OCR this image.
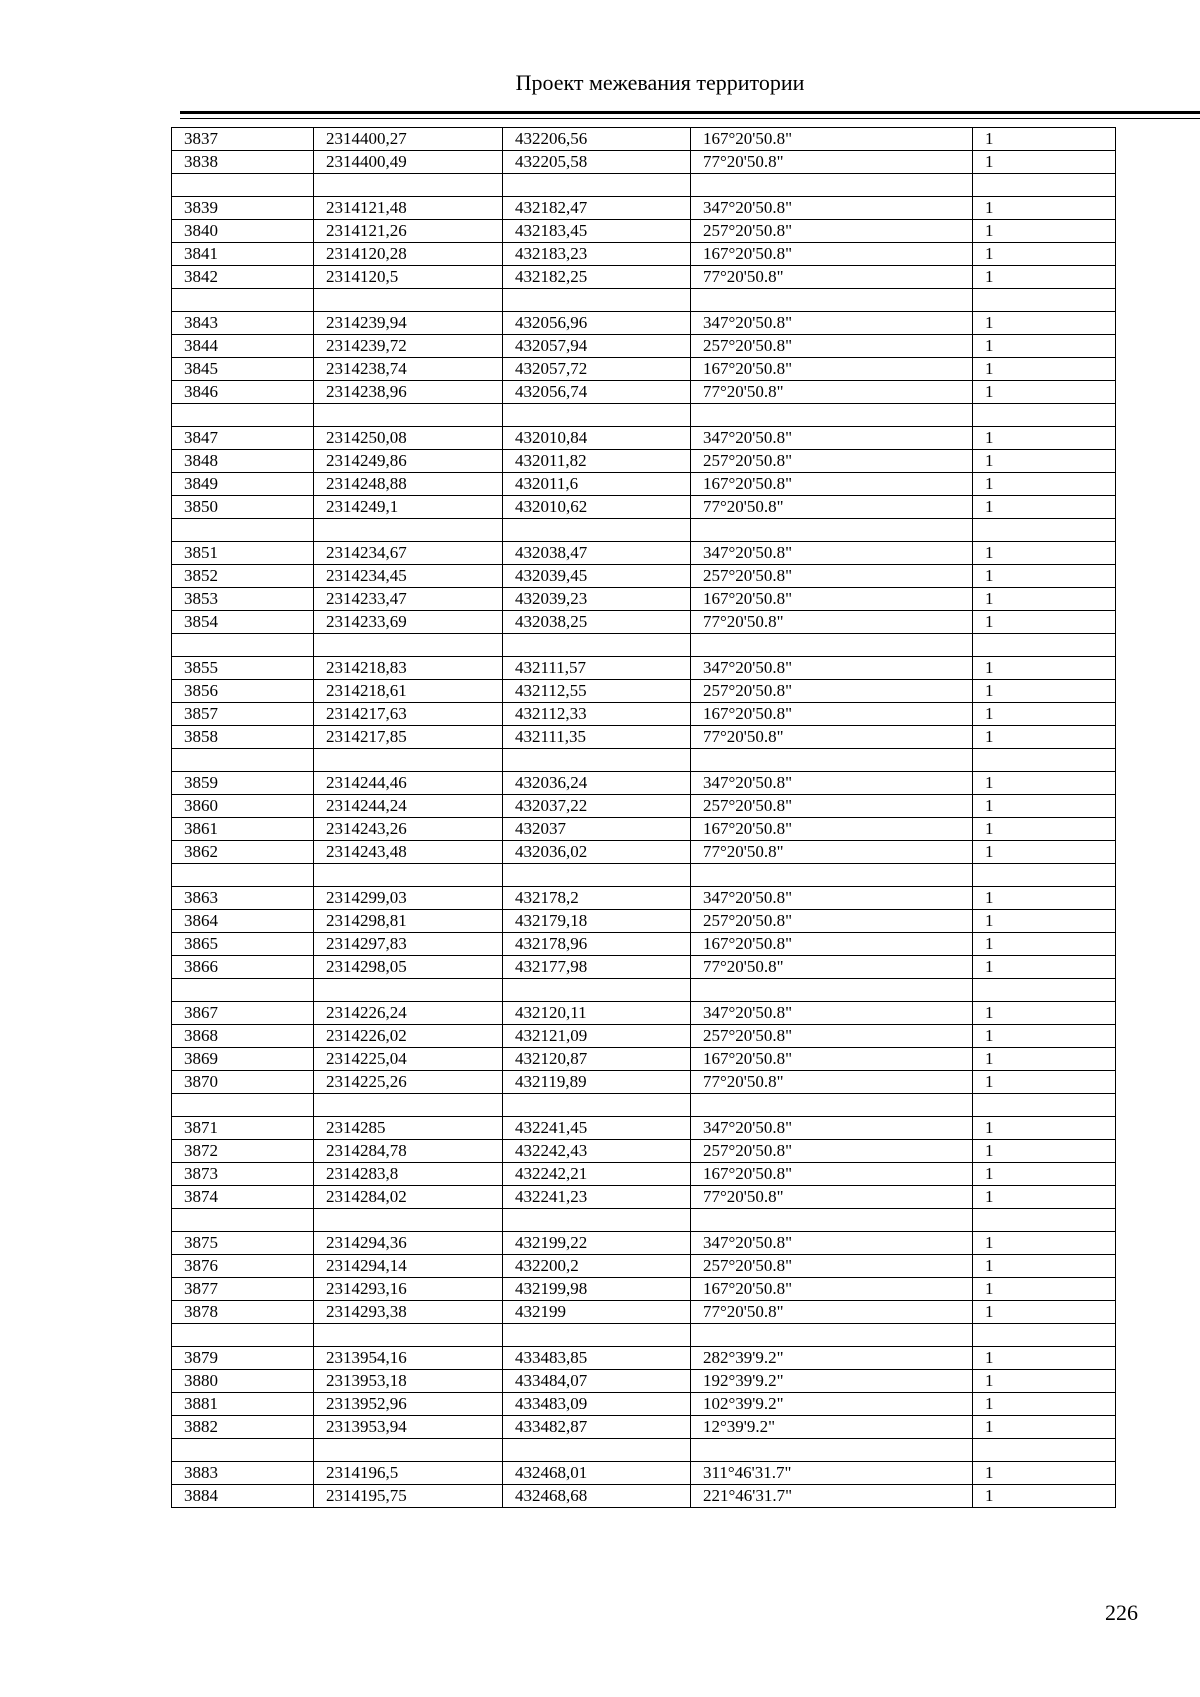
Проект межевания территории
3837	2314400,27	432206,56	167°20'50.8"	1
3838	2314400,49	432205,58	77°20'50.8"	1

3839	2314121,48	432182,47	347°20'50.8"	1
3840	2314121,26	432183,45	257°20'50.8"	1
3841	2314120,28	432183,23	167°20'50.8"	1
3842	2314120,5	432182,25	77°20'50.8"	1

3843	2314239,94	432056,96	347°20'50.8"	1
3844	2314239,72	432057,94	257°20'50.8"	1
3845	2314238,74	432057,72	167°20'50.8"	1
3846	2314238,96	432056,74	77°20'50.8"	1

3847	2314250,08	432010,84	347°20'50.8"	1
3848	2314249,86	432011,82	257°20'50.8"	1
3849	2314248,88	432011,6	167°20'50.8"	1
3850	2314249,1	432010,62	77°20'50.8"	1

3851	2314234,67	432038,47	347°20'50.8"	1
3852	2314234,45	432039,45	257°20'50.8"	1
3853	2314233,47	432039,23	167°20'50.8"	1
3854	2314233,69	432038,25	77°20'50.8"	1

3855	2314218,83	432111,57	347°20'50.8"	1
3856	2314218,61	432112,55	257°20'50.8"	1
3857	2314217,63	432112,33	167°20'50.8"	1
3858	2314217,85	432111,35	77°20'50.8"	1

3859	2314244,46	432036,24	347°20'50.8"	1
3860	2314244,24	432037,22	257°20'50.8"	1
3861	2314243,26	432037	167°20'50.8"	1
3862	2314243,48	432036,02	77°20'50.8"	1

3863	2314299,03	432178,2	347°20'50.8"	1
3864	2314298,81	432179,18	257°20'50.8"	1
3865	2314297,83	432178,96	167°20'50.8"	1
3866	2314298,05	432177,98	77°20'50.8"	1

3867	2314226,24	432120,11	347°20'50.8"	1
3868	2314226,02	432121,09	257°20'50.8"	1
3869	2314225,04	432120,87	167°20'50.8"	1
3870	2314225,26	432119,89	77°20'50.8"	1

3871	2314285	432241,45	347°20'50.8"	1
3872	2314284,78	432242,43	257°20'50.8"	1
3873	2314283,8	432242,21	167°20'50.8"	1
3874	2314284,02	432241,23	77°20'50.8"	1

3875	2314294,36	432199,22	347°20'50.8"	1
3876	2314294,14	432200,2	257°20'50.8"	1
3877	2314293,16	432199,98	167°20'50.8"	1
3878	2314293,38	432199	77°20'50.8"	1

3879	2313954,16	433483,85	282°39'9.2"	1
3880	2313953,18	433484,07	192°39'9.2"	1
3881	2313952,96	433483,09	102°39'9.2"	1
3882	2313953,94	433482,87	12°39'9.2"	1

3883	2314196,5	432468,01	311°46'31.7"	1
3884	2314195,75	432468,68	221°46'31.7"	1
226
